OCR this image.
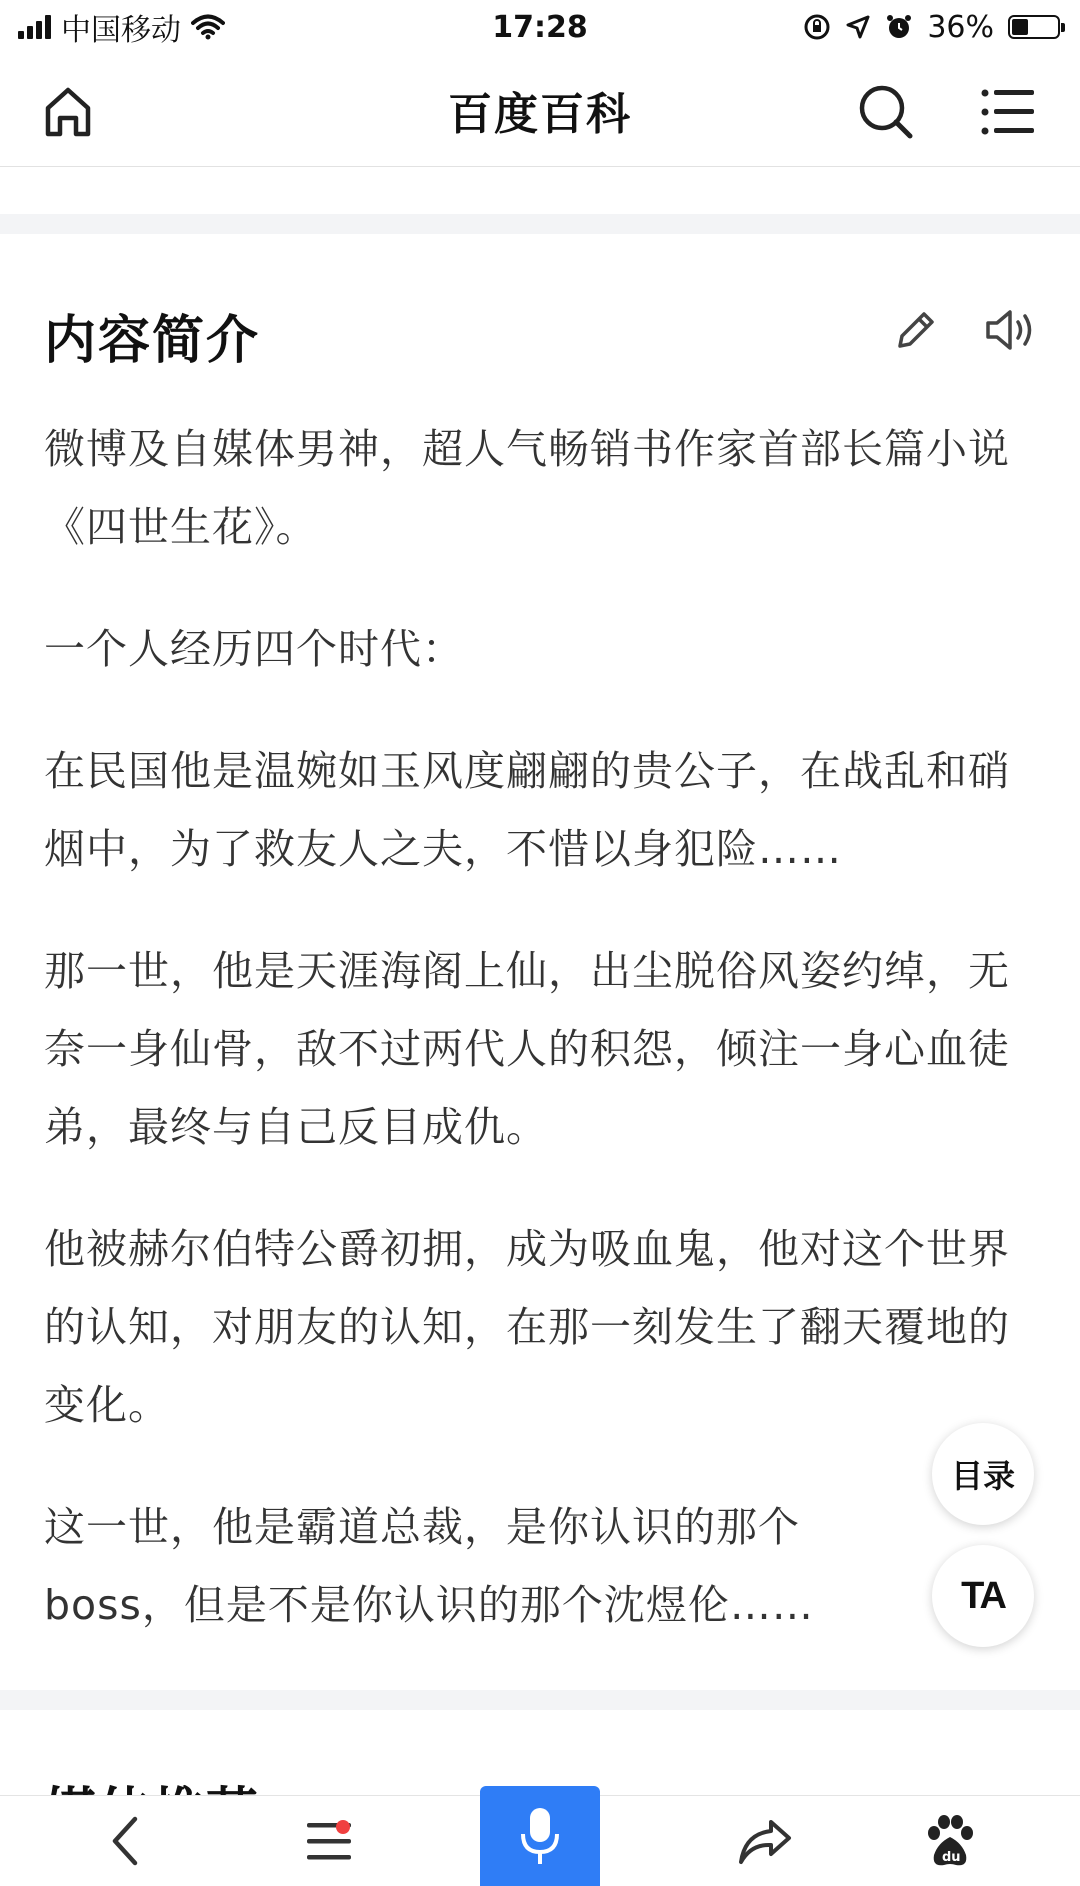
中国移动	17:28	36%
百度百科
内容简介

微博及自媒体男神，超人气畅销书作家首部长篇小说《四世生花》。

一个人经历四个时代：

在民国他是温婉如玉风度翩翩的贵公子，在战乱和硝烟中，为了救友人之夫，不惜以身犯险……

那一世，他是天涯海阁上仙，出尘脱俗风姿约绰，无奈一身仙骨，敌不过两代人的积怨，倾注一身心血徒弟，最终与自己反目成仇。

他被赫尔伯特公爵初拥，成为吸血鬼，他对这个世界的认知，对朋友的认知，在那一刻发生了翻天覆地的变化。

这一世，他是霸道总裁，是你认识的那个boss，但是不是你认识的那个沈煜伦……

目录
TA
du
